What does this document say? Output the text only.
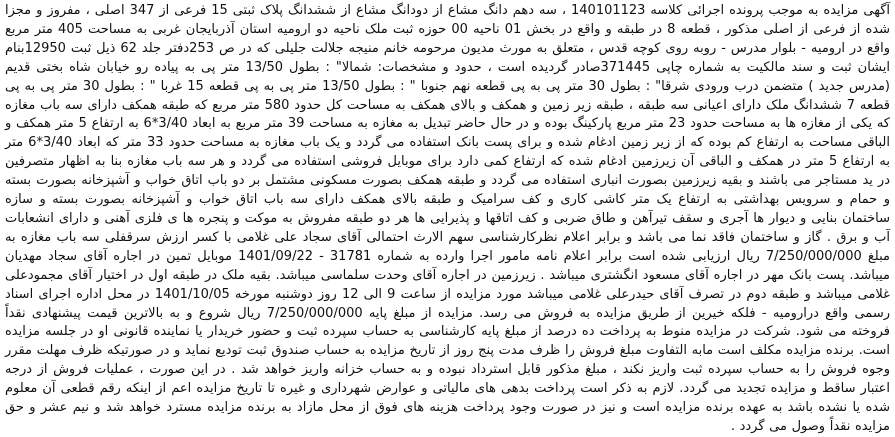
آگهی مزایده به موجب پرونده اجرائی کلاسه 140101123 ، سه دهم دانگ مشاع از دودانگ مشاع از ششدانگ پلاک ثبتی 15 فرعی از 347 اصلی ، مفروز و مجزا شده از فرعی از اصلی مذکور ، قطعه 8 در طبقه و واقع در بخش 01 ناحیه 00 حوزه ثبت ملک ناحیه دو ارومیه استان آذربایجان غربی به مساحت 405 متر مربع واقع در ارومیه - بلوار مدرس - روبه روی کوچه قدس ، متعلق به مورث مدیون مرحومه خانم منیجه جلالت جلیلی که در ص 253دفتر جلد 62 ذیل ثبت 12950بنام ایشان ثبت و سند مالکیت به شماره چاپی 371445صادر گردیده است ، حدود و مشخصات: شمالا" : بطول 13/50 متر پی به پیاده رو خیابان شاه بختی قدیم (مدرس جدید ) متضمن درب ورودی شرقا" : بطول 30 متر پی به پی قطعه نهم جنوبا " : بطول 13/50 متر پی به پی قطعه 15 غربا " : بطول 30 متر پی به پی قطعه 7 ششدانگ ملک دارای اعیانی سه طبقه ، طبقه زیر زمین و همکف و بالای همکف به مساحت کل حدود 580 متر مربع که طبقه همکف دارای سه باب مغازه که یکی از مغازه ها به مساحت حدود 23 متر مربع پارکینگ بوده و در حال حاضر تبدیل به مغازه به مساحت 39 متر مربع به ابعاد 3/40*6 به ارتفاع 5 متر همکف و الباقی مساحت به ارتفاع کم بوده که از زیر زمین ادغام شده و برای پست بانک استفاده می گردد و یک باب مغازه به مساحت حدود 33 متر که ابعاد 3/40*6 متر به ارتفاع 5 متر در همکف و الباقی آن زیرزمین ادغام شده که ارتفاع کمی دارد برای موبایل فروشی استفاده می گردد و هر سه باب مغازه بنا به اظهار متصرفین در ید مستاجر می باشند و بقیه زیرزمین بصورت انباری استفاده می گردد و طبقه همکف بصورت مسکونی مشتمل بر دو باب اتاق خواب و آشپزخانه بصورت بسته و حمام و سرویس بهداشتی به ارتفاع یک متر کاشی کاری و کف سرامیک و طبقه بالای همکف دارای سه باب اتاق خواب و آشپزخانه بصورت بسته و سازه ساختمان بنایی و دیوار ها آجری و سقف تیرآهن و طاق ضربی و کف اتاقها و پذیرایی ها هر دو طبقه مفروش به موکت و پنجره ها ی فلزی آهنی و دارای انشعابات آب و برق . گاز و ساختمان فاقد نما می باشد و برابر اعلام نظرکارشناسی سهم الارث احتمالی آقای سجاد علی غلامی با کسر ارزش سرقفلی سه باب مغازه به مبلغ 7/250/000/000 ریال ارزیابی شده است برابر اعلام نامه مامور اجرا وارده به شماره 31781 - 1401/09/22 موبایل تمین در اجاره آقای سجاد مهدیان میباشد. پست بانک مهر در اجاره آقای مسعود انگشتری میباشد . زیرزمین در اجاره آقای وحدت سلماسی میباشد. بقیه ملک در طبقه اول در اختیار آقای مجمودعلی غلامی میباشد و طبقه دوم در تصرف آقای حیدرعلی غلامی میباشد مورد مزایده از ساعت 9 الی 12 روز دوشنبه مورخه 1401/10/05 در محل اداره اجرای اسناد رسمی واقع درارومیه - فلکه خیرین از طریق مزایده به فروش می رسد. مزایده از مبلغ پایه 7/250/000/000 ریال شروع و به بالاترین قیمت پیشنهادی نقداً فروخته می شود. شرکت در مزایده منوط به پرداخت ده درصد از مبلغ پایه کارشناسی به حساب سپرده ثبت و حضور خریدار یا نماینده قانونی او در جلسه مزایده است. برنده مزایده مکلف است مابه التفاوت مبلغ فروش را ظرف مدت پنج روز از تاریخ مزایده به حساب صندوق ثبت تودیع نماید و در صورتیکه ظرف مهلت مقرر وجوه فروش را به حساب سپرده ثبت واریز نکند ، مبلغ مذکور قابل استرداد نبوده و به حساب خزانه واریز خواهد شد . در این صورت ، عملیات فروش از درجه اعتبار ساقط و مزایده تجدید می گردد. لازم به ذکر است پرداخت بدهی های مالیاتی و عوارض شهرداری و غیره تا تاریخ مزایده اعم از اینکه رقم قطعی آن معلوم شده یا نشده باشد به عهده برنده مزایده است و نیز در صورت وجود پرداخت هزینه های فوق از محل مازاد به برنده مزایده مسترد خواهد شد و نیم عشر و حق مزایده نقداً وصول می گردد .
